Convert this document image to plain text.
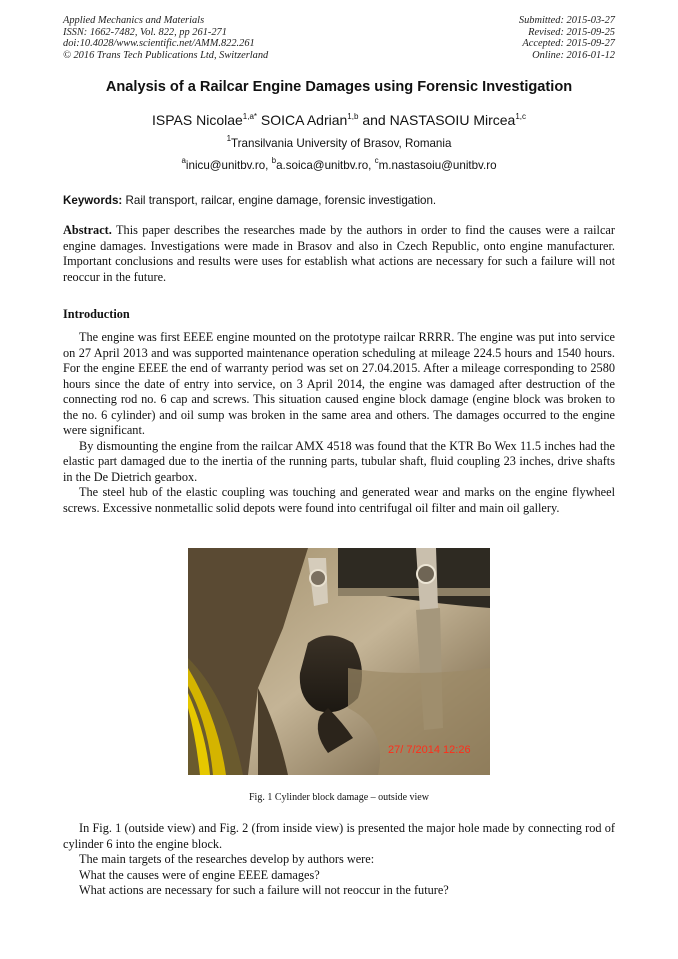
Applied Mechanics and Materials
ISSN: 1662-7482, Vol. 822, pp 261-271
doi:10.4028/www.scientific.net/AMM.822.261
© 2016 Trans Tech Publications Ltd, Switzerland
Submitted: 2015-03-27
Revised: 2015-09-25
Accepted: 2015-09-27
Online: 2016-01-12
Analysis of a Railcar Engine Damages using Forensic Investigation
ISPAS Nicolae$^{1,a*}$ SOICA Adrian$^{1,b}$ and NASTASOIU Mircea$^{1,c}$
$^1$Transilvania University of Brasov, Romania
$^a$inicu@unitbv.ro, $^b$a.soica@unitbv.ro, $^c$m.nastasoiu@unitbv.ro
Keywords: Rail transport, railcar, engine damage, forensic investigation.

Abstract. This paper describes the researches made by the authors in order to find the causes were a railcar engine damages. Investigations were made in Brasov and also in Czech Republic, onto engine manufacturer. Important conclusions and results were uses for establish what actions are necessary for such a failure will not reoccur in the future.

Introduction

The engine was first EEEE engine mounted on the prototype railcar RRRR. The engine was put into service on 27 April 2013 and was supported maintenance operation scheduling at mileage 224.5 hours and 1540 hours. For the engine EEEE the end of warranty period was set on 27.04.2015. After a mileage corresponding to 2580 hours since the date of entry into service, on 3 April 2014, the engine was damaged after destruction of the connecting rod no. 6 cap and screws. This situation caused engine block damage (engine block was broken to the no. 6 cylinder) and oil sump was broken in the same area and others. The damages occurred to the engine were significant.

By dismounting the engine from the railcar AMX 4518 was found that the KTR Bo Wex 11.5 inches had the elastic part damaged due to the inertia of the running parts, tubular shaft, fluid coupling 23 inches, drive shafts in the De Dietrich gearbox.

The steel hub of the elastic coupling was touching and generated wear and marks on the engine flywheel screws. Excessive nonmetallic solid depots were found into centrifugal oil filter and main oil gallery.

27/ 7/2014 12:26
Fig. 1 Cylinder block damage – outside view

In Fig. 1 (outside view) and Fig. 2 (from inside view) is presented the major hole made by connecting rod of cylinder 6 into the engine block.

The main targets of the researches develop by authors were:

What the causes were of engine EEEE damages?

What actions are necessary for such a failure will not reoccur in the future?
